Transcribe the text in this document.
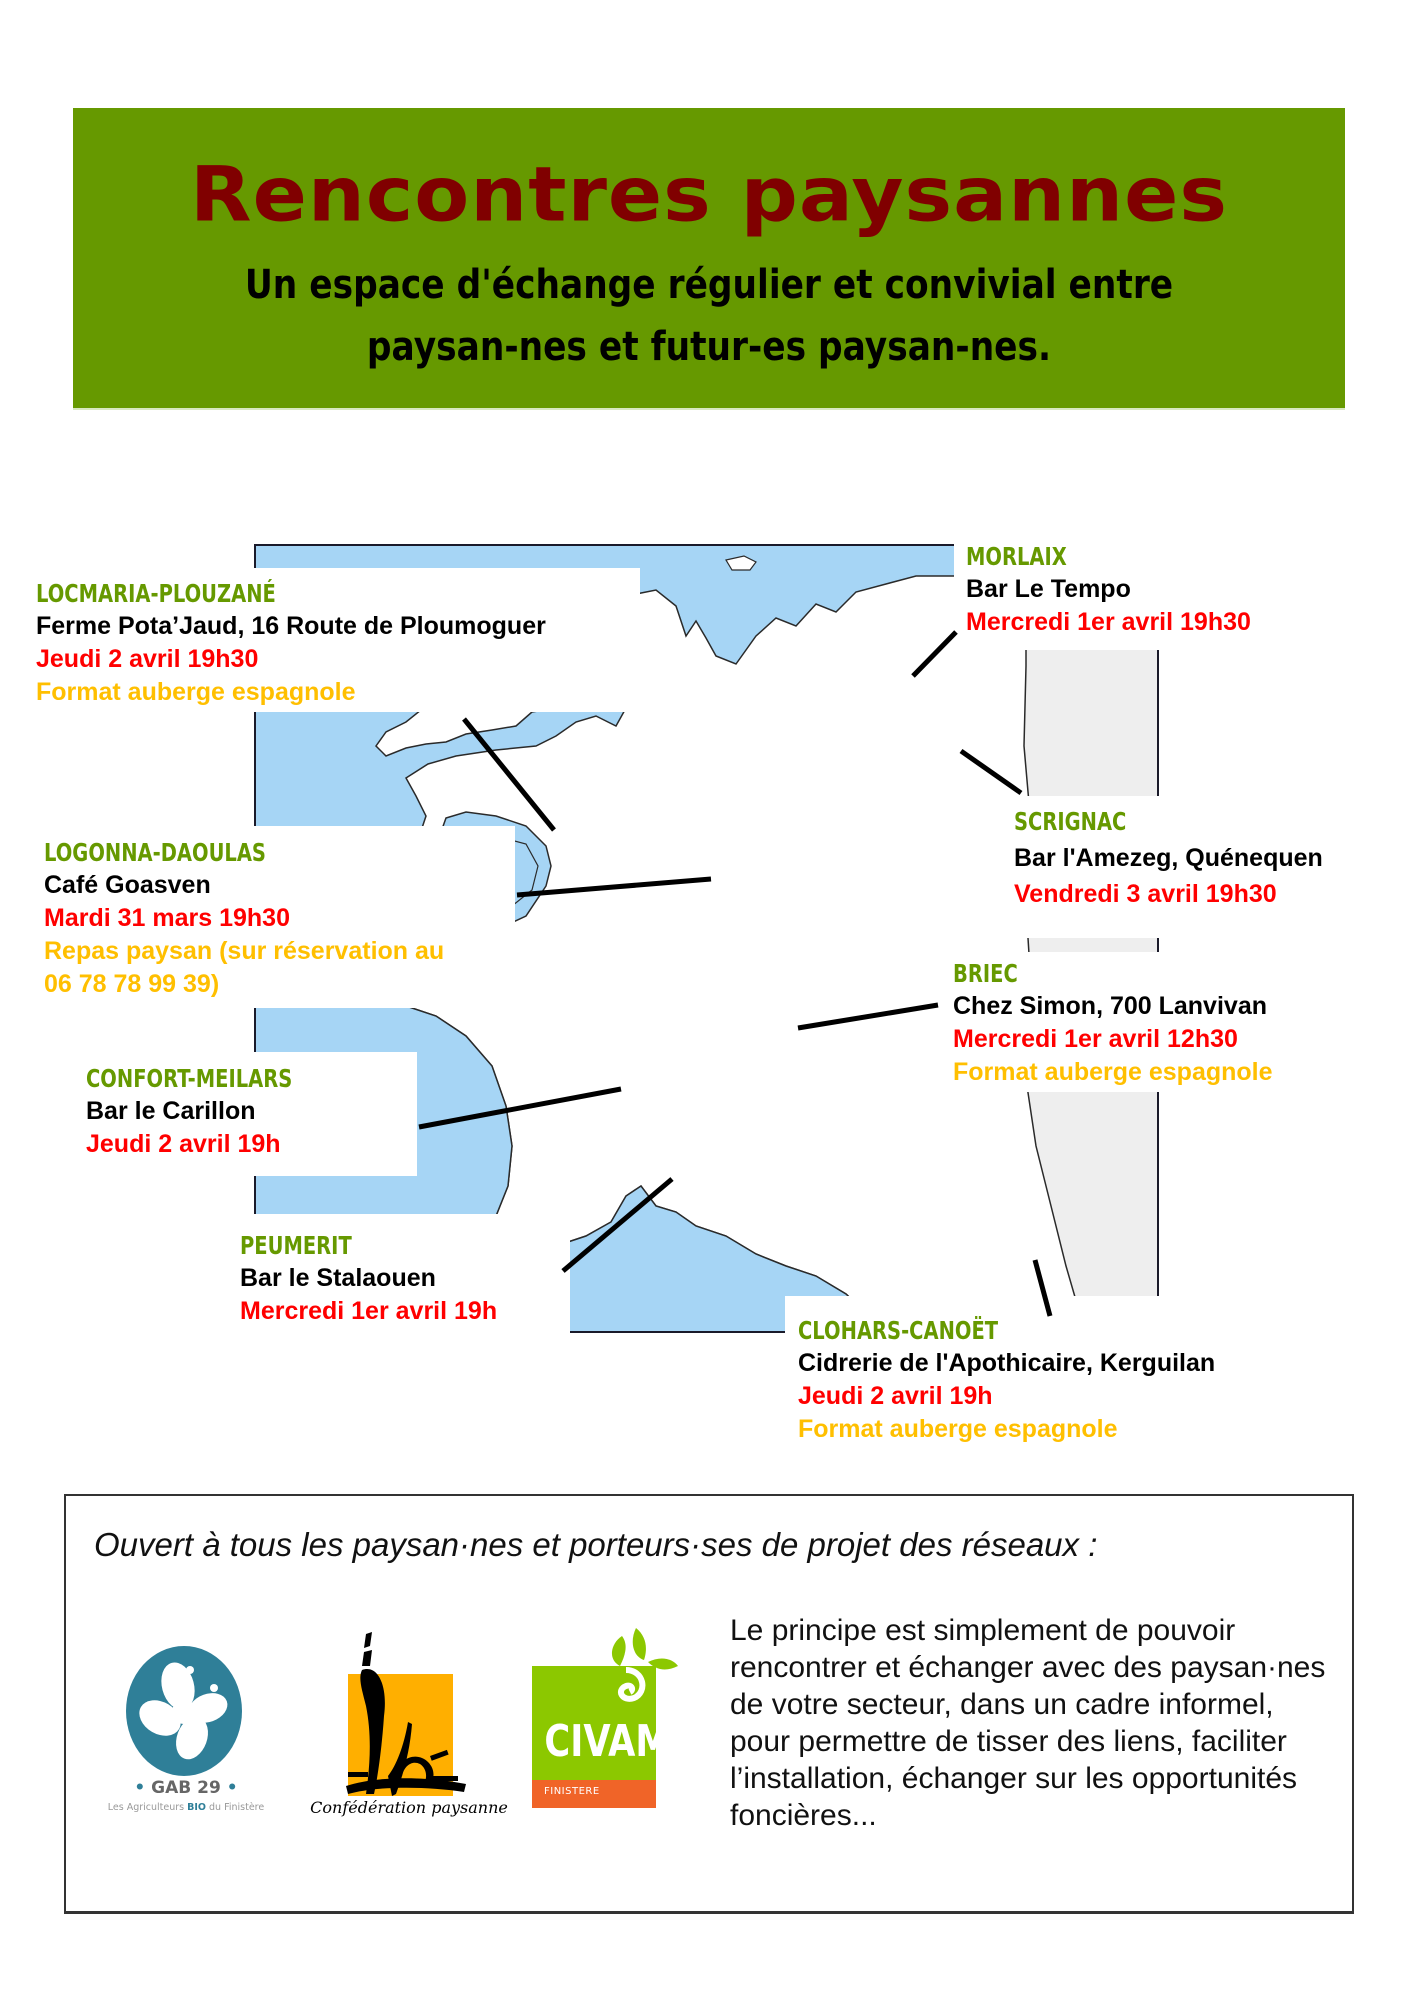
Rencontres paysannes
Un espace d'échange régulier et convivial entre
paysan-nes et futur-es paysan-nes.
LOCMARIA-PLOUZANÉ
Ferme Pota’Jaud, 16 Route de Ploumoguer
Jeudi 2 avril 19h30
Format auberge espagnole
MORLAIX
Bar Le Tempo
Mercredi 1er avril 19h30
SCRIGNAC
Bar l'Amezeg, Quénequen
Vendredi 3 avril 19h30
LOGONNA-DAOULAS
Café Goasven
Mardi 31 mars 19h30
Repas paysan (sur réservation au
06 78 78 99 39)	BRIEC
Chez Simon, 700 Lanvivan
Mercredi 1er avril 12h30
Format auberge espagnole
CONFORT-MEILARS
Bar le Carillon
Jeudi 2 avril 19h
PEUMERIT
Bar le Stalaouen
Mercredi 1er avril 19h
CLOHARS-CANOËT
Cidrerie de l'Apothicaire, Kerguilan
Jeudi 2 avril 19h
Format auberge espagnole
Ouvert à tous les paysan·nes et porteurs·ses de projet des réseaux :
• GAB 29 •
Les Agriculteurs BIO du Finistère	Confédération paysanne
CIVAM
FINISTERE
Le principe est simplement de pouvoir rencontrer et échanger avec des paysan·nes de votre secteur, dans un cadre informel, pour permettre de tisser des liens, faciliter l’installation, échanger sur les opportunités foncières...
